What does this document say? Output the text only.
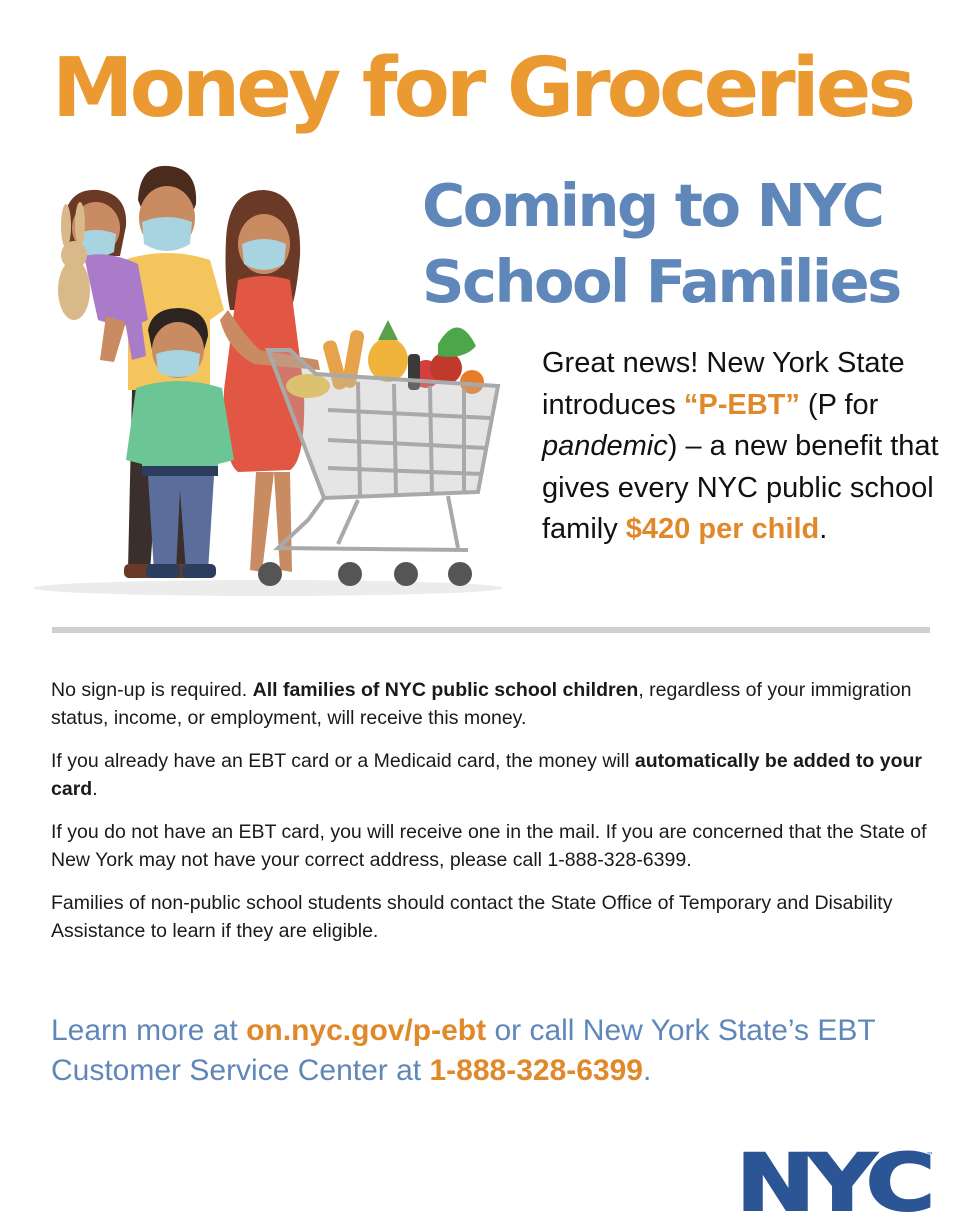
Money for Groceries
Coming to NYC
School Families

Great news! New York State introduces “P-EBT” (P for pandemic) – a new benefit that gives every NYC public school family $420 per child.

No sign-up is required. All families of NYC public school children, regardless of your immigration status, income, or employment, will receive this money.

If you already have an EBT card or a Medicaid card, the money will automatically be added to your card.

If you do not have an EBT card, you will receive one in the mail. If you are concerned that the State of New York may not have your correct address, please call 1-888-328-6399.

Families of non-public school students should contact the State Office of Temporary and Disability Assistance to learn if they are eligible.

Learn more at on.nyc.gov/p-ebt or call New York State’s EBT Customer Service Center at 1-888-328-6399.

NYC
™
